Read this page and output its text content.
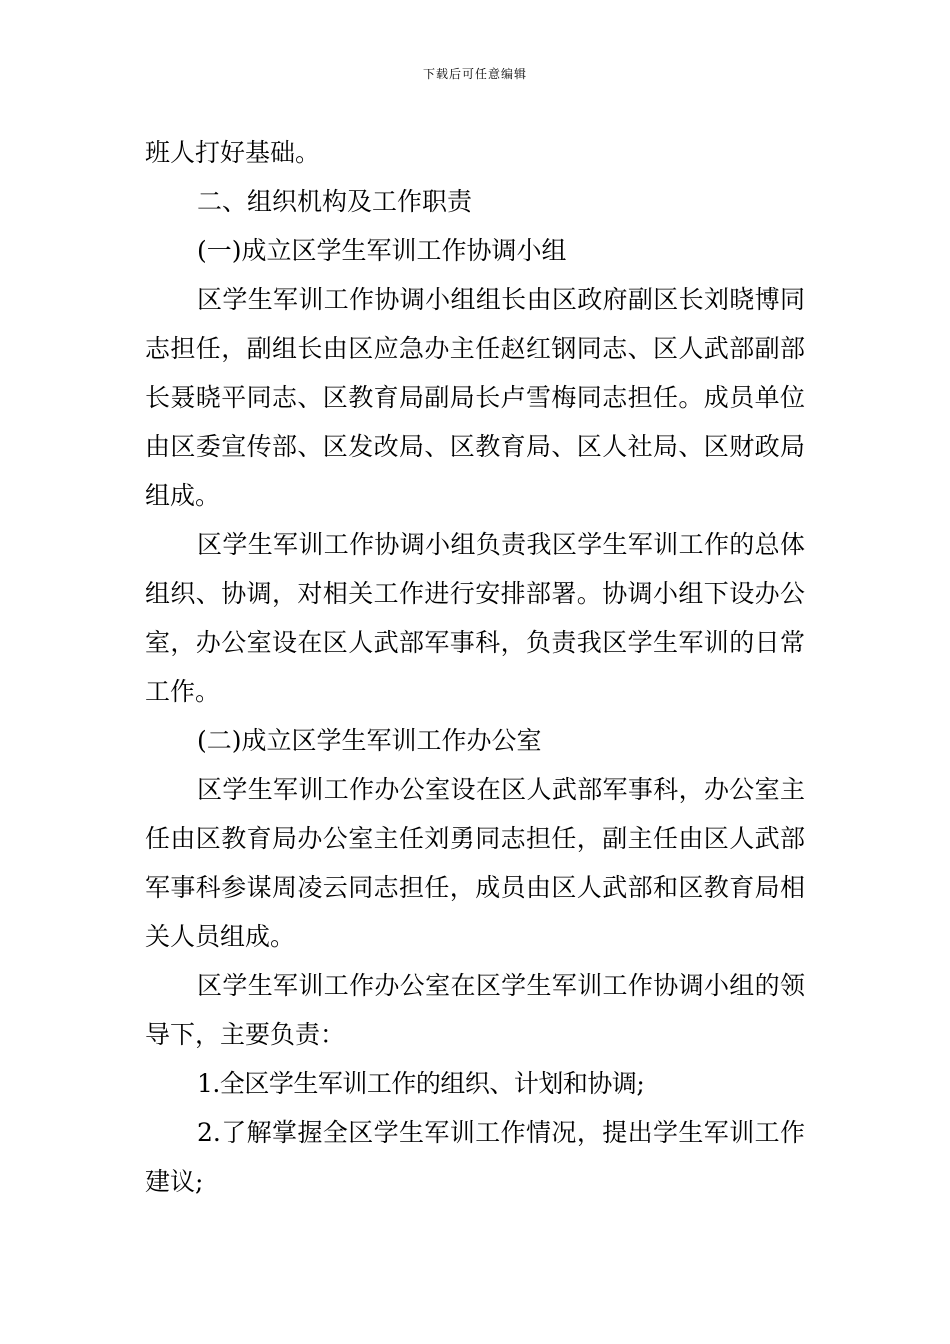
下载后可任意编辑

班人打好基础。

二、组织机构及工作职责

(一)成立区学生军训工作协调小组

区学生军训工作协调小组组长由区政府副区长刘晓博同志担任，副组长由区应急办主任赵红钢同志、区人武部副部长聂晓平同志、区教育局副局长卢雪梅同志担任。成员单位由区委宣传部、区发改局、区教育局、区人社局、区财政局组成。

区学生军训工作协调小组负责我区学生军训工作的总体组织、协调，对相关工作进行安排部署。协调小组下设办公室，办公室设在区人武部军事科，负责我区学生军训的日常工作。

(二)成立区学生军训工作办公室

区学生军训工作办公室设在区人武部军事科，办公室主任由区教育局办公室主任刘勇同志担任，副主任由区人武部军事科参谋周凌云同志担任，成员由区人武部和区教育局相关人员组成。

区学生军训工作办公室在区学生军训工作协调小组的领导下，主要负责：

1.全区学生军训工作的组织、计划和协调;

2.了解掌握全区学生军训工作情况，提出学生军训工作建议;
